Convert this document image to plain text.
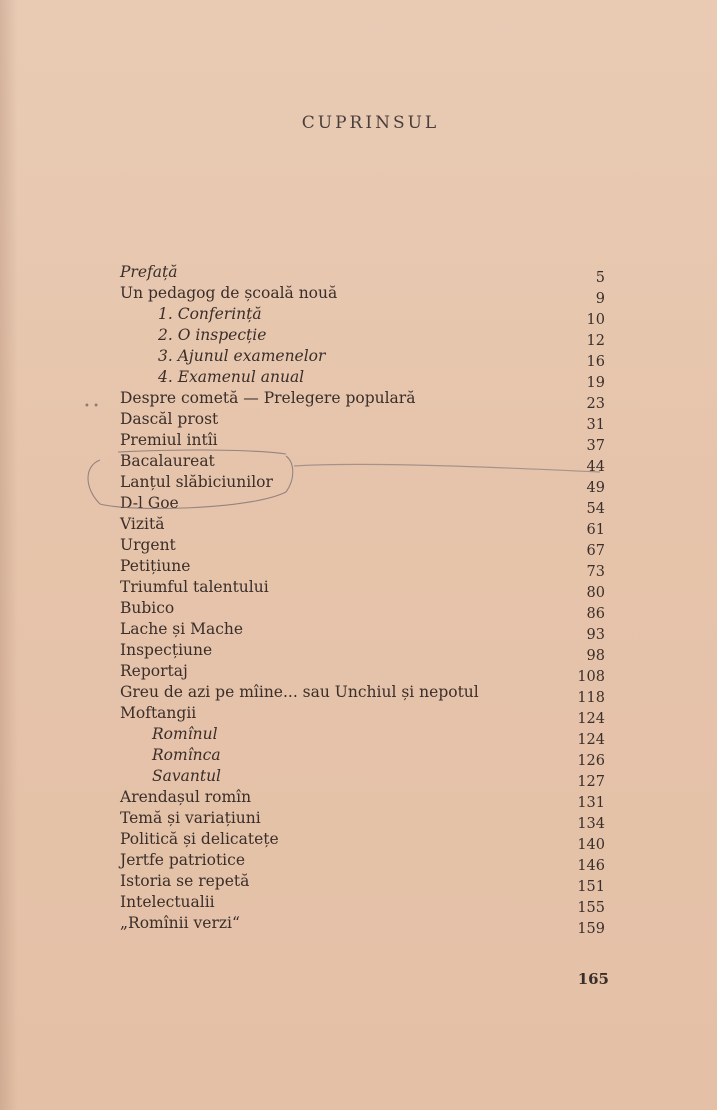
CUPRINSUL
• •
Prefață	5
Un pedagog de școală nouă	9
1. Conferință	10
2. O inspecție	12
3. Ajunul examenelor	16
4. Examenul anual	19
Despre cometă — Prelegere populară	23
Dascăl prost	31
Premiul intîi	37
Bacalaureat	44
Lanțul slăbiciunilor	49
D-l Goe	54
Vizită	61
Urgent	67
Petițiune	73
Triumful talentului	80
Bubico	86
Lache și Mache	93
Inspecțiune	98
Reportaj	108
Greu de azi pe mîine... sau Unchiul și nepotul	118
Moftangii	124
Romînul	124
Romînca	126
Savantul	127
Arendașul romîn	131
Temă și variațiuni	134
Politică și delicatețe	140
Jertfe patriotice	146
Istoria se repetă	151
Intelectualii	155
„Romînii verzi“	159
165
